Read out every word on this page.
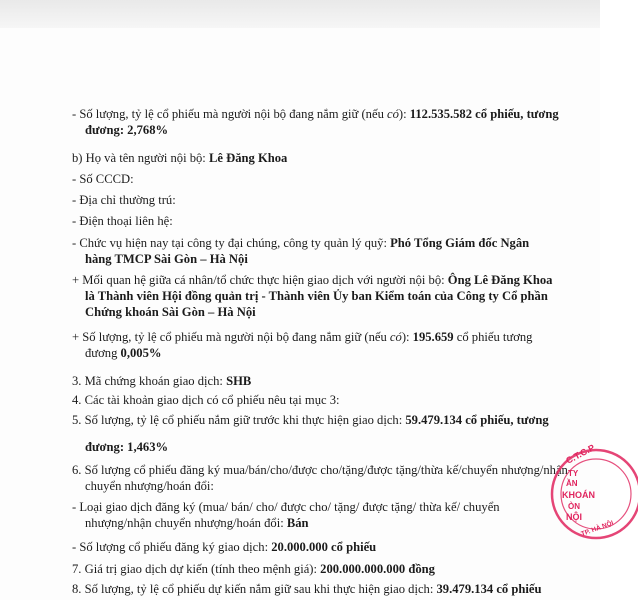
- Số lượng, tỷ lệ cổ phiếu mà người nội bộ đang nắm giữ (nếu có): 112.535.582 cổ phiếu, tương
đương: 2,768%
b) Họ và tên người nội bộ: Lê Đăng Khoa
- Số CCCD:
- Địa chỉ thường trú:
- Điện thoại liên hệ:
- Chức vụ hiện nay tại công ty đại chúng, công ty quản lý quỹ: Phó Tổng Giám đốc Ngân
hàng TMCP Sài Gòn – Hà Nội
+ Mối quan hệ giữa cá nhân/tổ chức thực hiện giao dịch với người nội bộ: Ông Lê Đăng Khoa
là Thành viên Hội đồng quản trị - Thành viên Ủy ban Kiểm toán của Công ty Cổ phần
Chứng khoán Sài Gòn – Hà Nội
+ Số lượng, tỷ lệ cổ phiếu mà người nội bộ đang nắm giữ (nếu có): 195.659 cổ phiếu tương
đương 0,005%
3. Mã chứng khoán giao dịch: SHB
4. Các tài khoản giao dịch có cổ phiếu nêu tại mục 3:
5. Số lượng, tỷ lệ cổ phiếu nắm giữ trước khi thực hiện giao dịch: 59.479.134 cổ phiếu, tương
đương: 1,463%
6. Số lượng cổ phiếu đăng ký mua/bán/cho/được cho/tặng/được tặng/thừa kế/chuyển nhượng/nhận
chuyển nhượng/hoán đổi:
- Loại giao dịch đăng ký (mua/ bán/ cho/ được cho/ tặng/ được tặng/ thừa kế/ chuyển
nhượng/nhận chuyển nhượng/hoán đổi: Bán
- Số lượng cổ phiếu đăng ký giao dịch: 20.000.000 cổ phiếu
7. Giá trị giao dịch dự kiến (tính theo mệnh giá): 200.000.000.000 đồng
8. Số lượng, tỷ lệ cổ phiếu dự kiến nắm giữ sau khi thực hiện giao dịch: 39.479.134 cổ phiếu
C.T.C.P
TY
ẦN
KHOÁN
ÒN
NỘI
TP. HÀ NỘI
